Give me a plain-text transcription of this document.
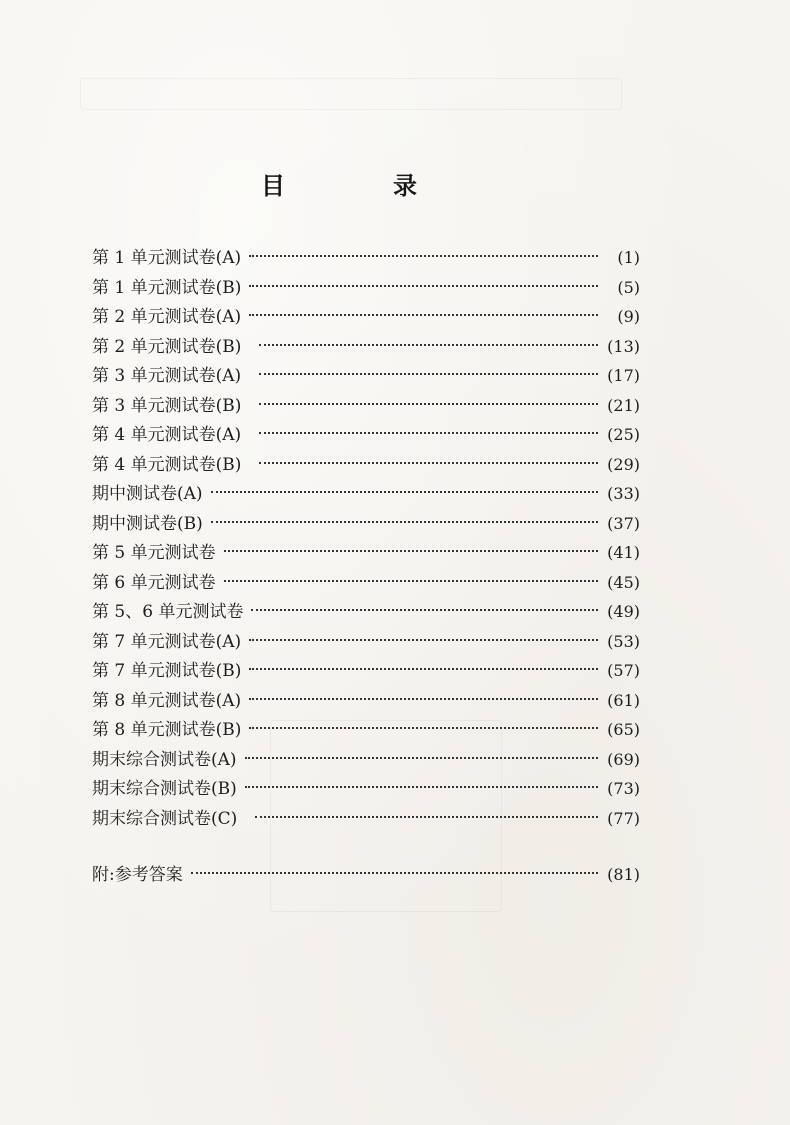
目　录
第 1 单元测试卷(A)	(1)
第 1 单元测试卷(B)	(5)
第 2 单元测试卷(A)	(9)
第 2 单元测试卷(B)	(13)
第 3 单元测试卷(A)	(17)
第 3 单元测试卷(B)	(21)
第 4 单元测试卷(A)	(25)
第 4 单元测试卷(B)	(29)
期中测试卷(A)	(33)
期中测试卷(B)	(37)
第 5 单元测试卷	(41)
第 6 单元测试卷	(45)
第 5、6 单元测试卷	(49)
第 7 单元测试卷(A)	(53)
第 7 单元测试卷(B)	(57)
第 8 单元测试卷(A)	(61)
第 8 单元测试卷(B)	(65)
期末综合测试卷(A)	(69)
期末综合测试卷(B)	(73)
期末综合测试卷(C)	(77)
附:参考答案	(81)
